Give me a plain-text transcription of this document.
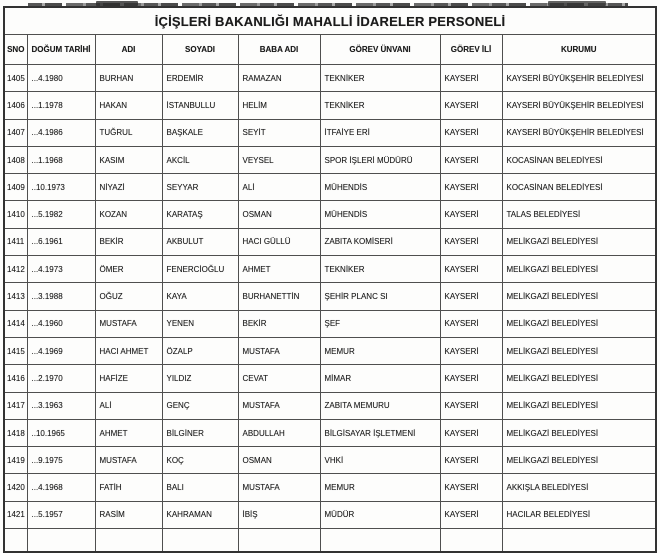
İÇİŞLERİ BAKANLIĞI MAHALLİ İDARELER PERSONELİ							
SNO	DOĞUM TARİHİ	ADI	SOYADI	BABA ADI	GÖREV ÜNVANI	GÖREV İLİ	KURUMU
1405	...4.1980	BURHAN	ERDEMİR	RAMAZAN	TEKNİKER	KAYSERİ	KAYSERİ BÜYÜKŞEHİR BELEDİYESİ
1406	...1.1978	HAKAN	İSTANBULLU	HELİM	TEKNİKER	KAYSERİ	KAYSERİ BÜYÜKŞEHİR BELEDİYESİ
1407	...4.1986	TUĞRUL	BAŞKALE	SEYİT	İTFAİYE ERİ	KAYSERİ	KAYSERİ BÜYÜKŞEHİR BELEDİYESİ
1408	...1.1968	KASIM	AKCİL	VEYSEL	SPOR İŞLERİ MÜDÜRÜ	KAYSERİ	KOCASİNAN BELEDİYESİ
1409	..10.1973	NİYAZİ	SEYYAR	ALİ	MÜHENDİS	KAYSERİ	KOCASİNAN BELEDİYESİ
1410	...5.1982	KOZAN	KARATAŞ	OSMAN	MÜHENDİS	KAYSERİ	TALAS BELEDİYESİ
1411	...6.1961	BEKİR	AKBULUT	HACI GÜLLÜ	ZABITA KOMİSERİ	KAYSERİ	MELİKGAZİ BELEDİYESİ
1412	...4.1973	ÖMER	FENERCİOĞLU	AHMET	TEKNİKER	KAYSERİ	MELİKGAZİ BELEDİYESİ
1413	...3.1988	OĞUZ	KAYA	BURHANETTİN	ŞEHİR PLANC SI	KAYSERİ	MELİKGAZİ BELEDİYESİ
1414	...4.1960	MUSTAFA	YENEN	BEKİR	ŞEF	KAYSERİ	MELİKGAZİ BELEDİYESİ
1415	...4.1969	HACI AHMET	ÖZALP	MUSTAFA	MEMUR	KAYSERİ	MELİKGAZİ BELEDİYESİ
1416	...2.1970	HAFİZE	YILDIZ	CEVAT	MİMAR	KAYSERİ	MELİKGAZİ BELEDİYESİ
1417	...3.1963	ALİ	GENÇ	MUSTAFA	ZABITA MEMURU	KAYSERİ	MELİKGAZİ BELEDİYESİ
1418	..10.1965	AHMET	BİLGİNER	ABDULLAH	BİLGİSAYAR İŞLETMENİ	KAYSERİ	MELİKGAZİ BELEDİYESİ
1419	...9.1975	MUSTAFA	KOÇ	OSMAN	VHKİ	KAYSERİ	MELİKGAZİ BELEDİYESİ
1420	...4.1968	FATİH	BALI	MUSTAFA	MEMUR	KAYSERİ	AKKIŞLA BELEDİYESİ
1421	...5.1957	RASİM	KAHRAMAN	İBİŞ	MÜDÜR	KAYSERİ	HACILAR BELEDİYESİ
